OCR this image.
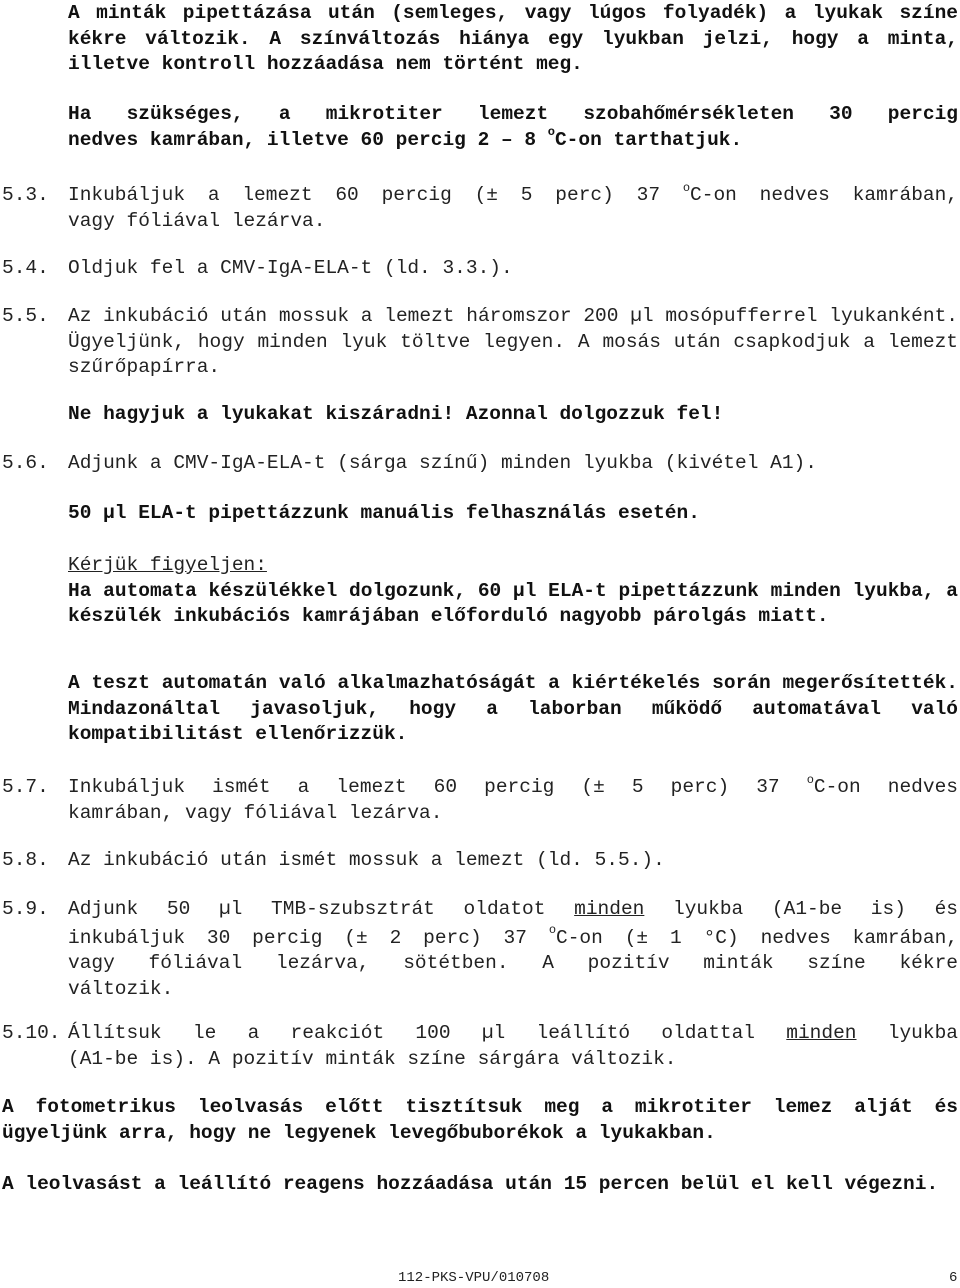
A minták pipettázása után (semleges, vagy lúgos folyadék) a lyukak színe kékre változik. A színváltozás hiánya egy lyukban jelzi, hogy a minta, illetve kontroll hozzáadása nem történt meg.
Ha szükséges, a mikrotiter lemezt szobahőmérsékleten 30 percig
nedves kamrában, illetve 60 percig 2 – 8 $^o$C-on tarthatjuk.
5.3. Inkubáljuk a lemezt 60 percig (± 5 perc) 37 $^o$C-on nedves kamrában,
vagy fóliával lezárva.
5.4. Oldjuk fel a CMV-IgA-ELA-t (ld. 3.3.).
5.5. Az inkubáció után mossuk a lemezt háromszor 200 µl mosópufferrel lyukanként. Ügyeljünk, hogy minden lyuk töltve legyen. A mosás után csapkodjuk a lemezt szűrőpapírra.
Ne hagyjuk a lyukakat kiszáradni! Azonnal dolgozzuk fel!
5.6. Adjunk a CMV-IgA-ELA-t (sárga színű) minden lyukba (kivétel A1).
50 µl ELA-t pipettázzunk manuális felhasználás esetén.
Kérjük figyeljen:
Ha automata készülékkel dolgozunk, 60 µl ELA-t pipettázzunk minden lyukba, a készülék inkubációs kamrájában előforduló nagyobb párolgás miatt.
A teszt automatán való alkalmazhatóságát a kiértékelés során megerősítették. Mindazonáltal javasoljuk, hogy a laborban működő automatával való kompatibilitást ellenőrizzük.
5.7. Inkubáljuk ismét a lemezt 60 percig (± 5 perc) 37 $^o$C-on nedves
kamrában, vagy fóliával lezárva.
5.8. Az inkubáció után ismét mossuk a lemezt (ld. 5.5.).
5.9. Adjunk 50 µl TMB-szubsztrát oldatot minden lyukba (A1-be is) és
inkubáljuk 30 percig (± 2 perc) 37 $^o$C-on (± 1 °C) nedves kamrában,
vagy fóliával lezárva, sötétben. A pozitív minták színe kékre
változik.
5.10. Állítsuk le a reakciót 100 µl leállító oldattal minden lyukba
(A1-be is). A pozitív minták színe sárgára változik.
A fotometrikus leolvasás előtt tisztítsuk meg a mikrotiter lemez alját és ügyeljünk arra, hogy ne legyenek levegőbuborékok a lyukakban.
A leolvasást a leállító reagens hozzáadása után 15 percen belül el kell végezni.
112-PKS-VPU/010708	6
